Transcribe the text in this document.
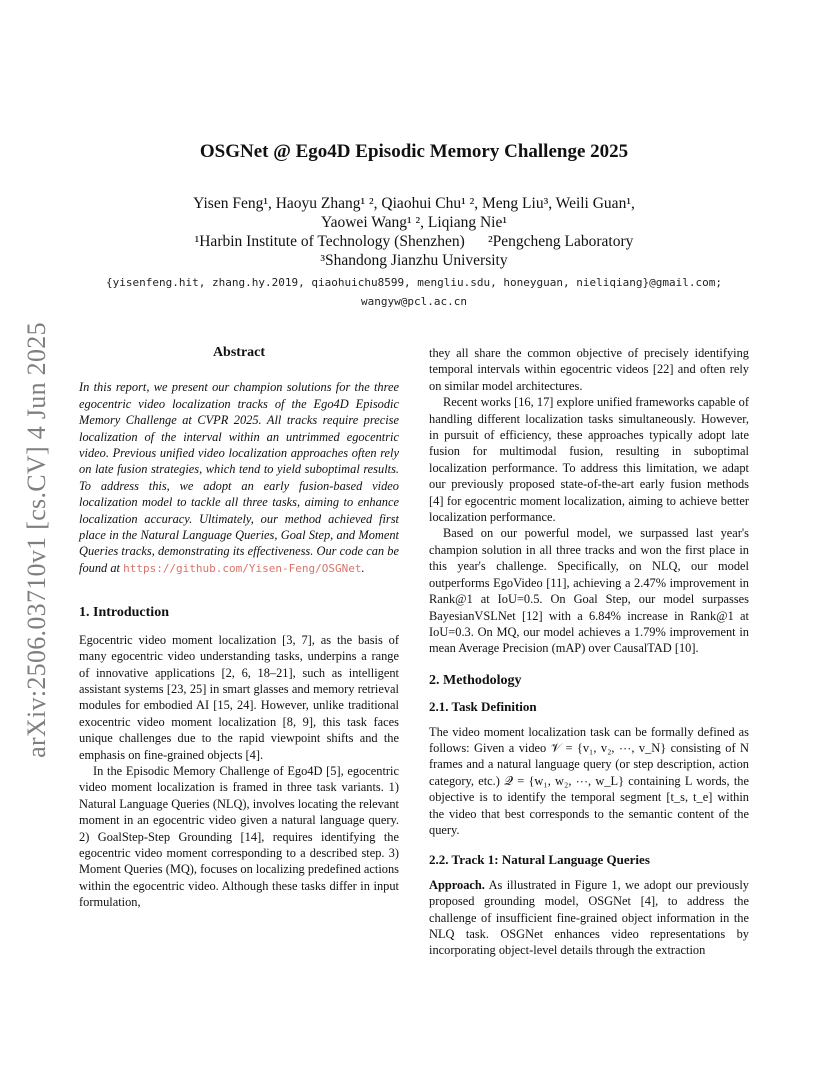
arXiv:2506.03710v1 [cs.CV] 4 Jun 2025
OSGNet @ Ego4D Episodic Memory Challenge 2025
Yisen Feng¹, Haoyu Zhang¹ ², Qiaohui Chu¹ ², Meng Liu³, Weili Guan¹,
Yaowei Wang¹ ², Liqiang Nie¹
¹Harbin Institute of Technology (Shenzhen)      ²Pengcheng Laboratory
³Shandong Jianzhu University
{yisenfeng.hit, zhang.hy.2019, qiaohuichu8599, mengliu.sdu, honeyguan, nieliqiang}@gmail.com;
wangyw@pcl.ac.cn
Abstract

In this report, we present our champion solutions for the three egocentric video localization tracks of the Ego4D Episodic Memory Challenge at CVPR 2025. All tracks require precise localization of the interval within an untrimmed egocentric video. Previous unified video localization approaches often rely on late fusion strategies, which tend to yield suboptimal results. To address this, we adopt an early fusion-based video localization model to tackle all three tasks, aiming to enhance localization accuracy. Ultimately, our method achieved first place in the Natural Language Queries, Goal Step, and Moment Queries tracks, demonstrating its effectiveness. Our code can be found at https://github.com/Yisen-Feng/OSGNet.

1. Introduction

Egocentric video moment localization [3, 7], as the basis of many egocentric video understanding tasks, underpins a range of innovative applications [2, 6, 18–21], such as intelligent assistant systems [23, 25] in smart glasses and memory retrieval modules for embodied AI [15, 24]. However, unlike traditional exocentric video moment localization [8, 9], this task faces unique challenges due to the rapid viewpoint shifts and the emphasis on fine-grained objects [4].

In the Episodic Memory Challenge of Ego4D [5], egocentric video moment localization is framed in three task variants. 1) Natural Language Queries (NLQ), involves locating the relevant moment in an egocentric video given a natural language query. 2) GoalStep-Step Grounding [14], requires identifying the egocentric video moment corresponding to a described step. 3) Moment Queries (MQ), focuses on localizing predefined actions within the egocentric video. Although these tasks differ in input formulation,

they all share the common objective of precisely identifying temporal intervals within egocentric videos [22] and often rely on similar model architectures.

Recent works [16, 17] explore unified frameworks capable of handling different localization tasks simultaneously. However, in pursuit of efficiency, these approaches typically adopt late fusion for multimodal fusion, resulting in suboptimal localization performance. To address this limitation, we adapt our previously proposed state-of-the-art early fusion methods [4] for egocentric moment localization, aiming to achieve better localization performance.

Based on our powerful model, we surpassed last year's champion solution in all three tracks and won the first place in this year's challenge. Specifically, on NLQ, our model outperforms EgoVideo [11], achieving a 2.47% improvement in Rank@1 at IoU=0.5. On Goal Step, our model surpasses BayesianVSLNet [12] with a 6.84% increase in Rank@1 at IoU=0.3. On MQ, our model achieves a 1.79% improvement in mean Average Precision (mAP) over CausalTAD [10].

2. Methodology
2.1. Task Definition

The video moment localization task can be formally defined as follows: Given a video 𝒱 = {v₁, v₂, ⋯, v_N} consisting of N frames and a natural language query (or step description, action category, etc.) 𝒬 = {w₁, w₂, ⋯, w_L} containing L words, the objective is to identify the temporal segment [t_s, t_e] within the video that best corresponds to the semantic content of the query.

2.2. Track 1: Natural Language Queries

Approach. As illustrated in Figure 1, we adopt our previously proposed grounding model, OSGNet [4], to address the challenge of insufficient fine-grained object information in the NLQ task. OSGNet enhances video representations by incorporating object-level details through the extraction
